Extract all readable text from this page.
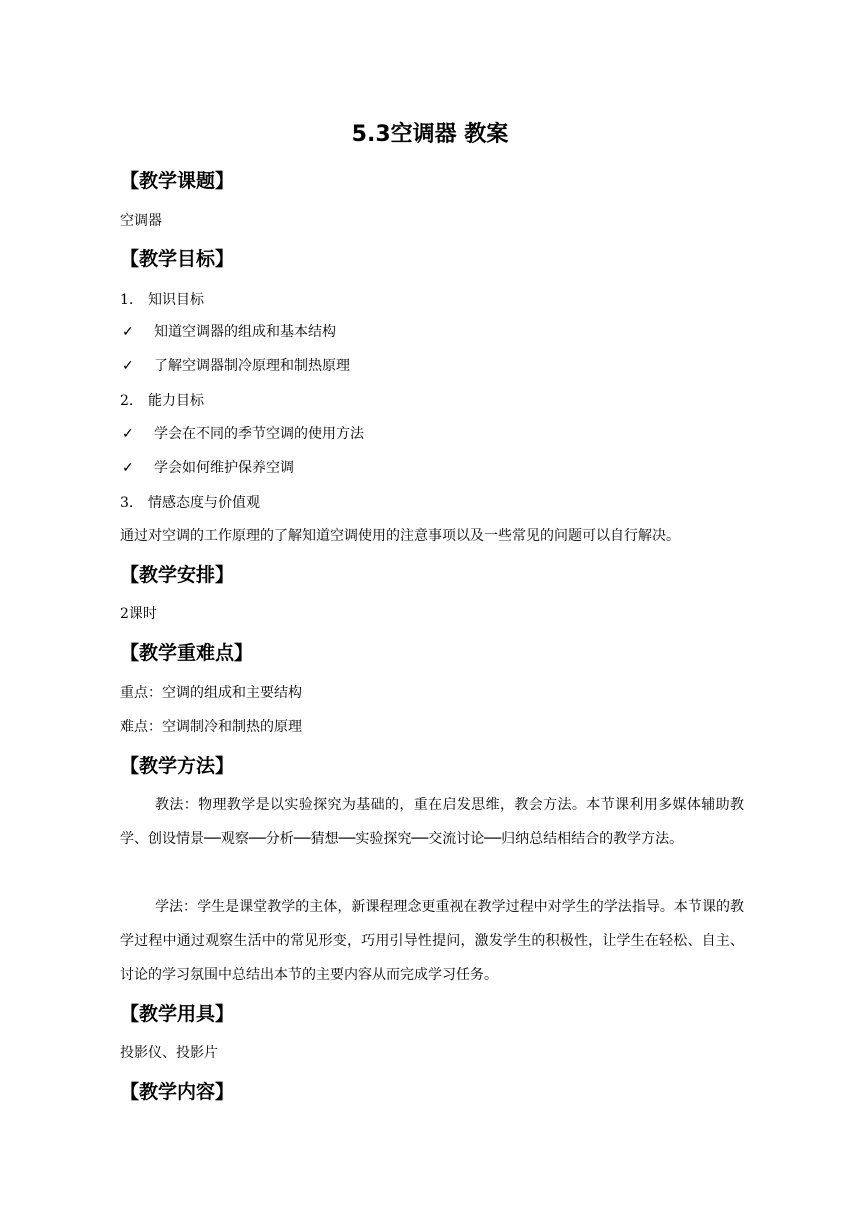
5.3空调器 教案
【教学课题】
空调器
【教学目标】
1. 知识目标
✓ 知道空调器的组成和基本结构
✓ 了解空调器制冷原理和制热原理
2. 能力目标
✓ 学会在不同的季节空调的使用方法
✓ 学会如何维护保养空调
3. 情感态度与价值观
通过对空调的工作原理的了解知道空调使用的注意事项以及一些常见的问题可以自行解决。
【教学安排】
2课时
【教学重难点】
重点：空调的组成和主要结构
难点：空调制冷和制热的原理
【教学方法】
教法：物理教学是以实验探究为基础的，重在启发思维，教会方法。本节课利用多媒体辅助教学、创设情景──观察──分析──猜想──实验探究──交流讨论──归纳总结相结合的教学方法。
学法：学生是课堂教学的主体，新课程理念更重视在教学过程中对学生的学法指导。本节课的教学过程中通过观察生活中的常见形变，巧用引导性提问，激发学生的积极性，让学生在轻松、自主、讨论的学习氛围中总结出本节的主要内容从而完成学习任务。
【教学用具】
投影仪、投影片
【教学内容】
